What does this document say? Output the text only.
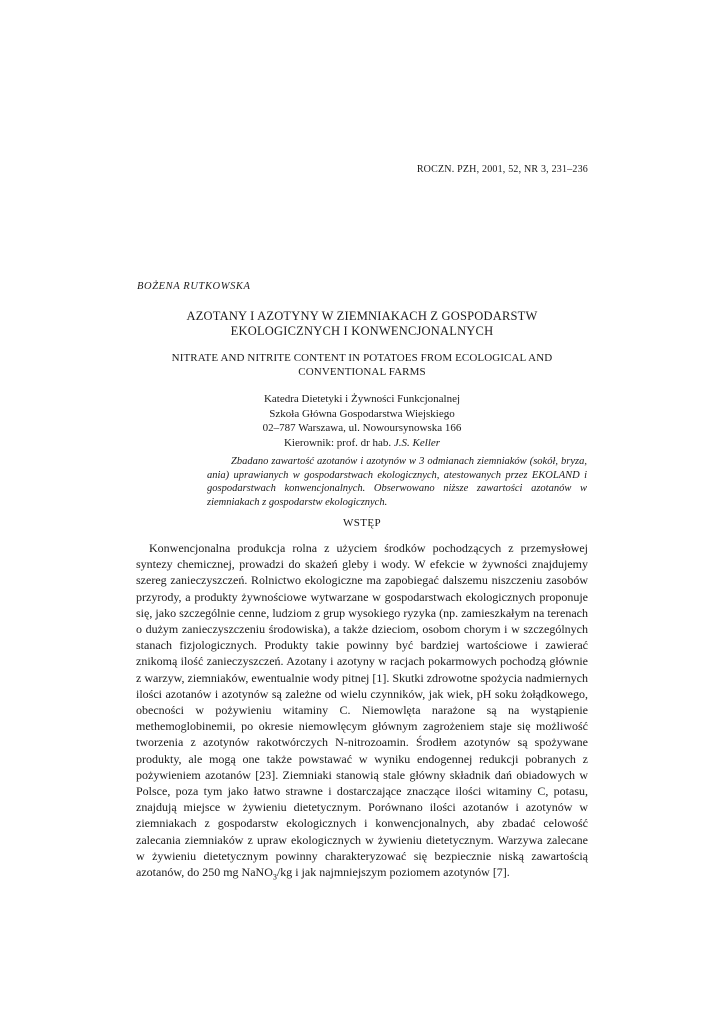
ROCZN. PZH, 2001, 52, NR 3, 231–236
BOŻENA RUTKOWSKA
AZOTANY I AZOTYNY W ZIEMNIAKACH Z GOSPODARSTW EKOLOGICZNYCH I KONWENCJONALNYCH
NITRATE AND NITRITE CONTENT IN POTATOES FROM ECOLOGICAL AND CONVENTIONAL FARMS
Katedra Dietetyki i Żywności Funkcjonalnej
Szkoła Główna Gospodarstwa Wiejskiego
02–787 Warszawa, ul. Nowoursynowska 166
Kierownik: prof. dr hab. J.S. Keller
Zbadano zawartość azotanów i azotynów w 3 odmianach ziemniaków (sokół, bryza, ania) uprawianych w gospodarstwach ekologicznych, atestowanych przez EKOLAND i gospodarstwach konwencjonalnych. Obserwowano niższe zawartości azotanów w ziemniakach z gospodarstw ekologicznych.
WSTĘP
Konwencjonalna produkcja rolna z użyciem środków pochodzących z przemysłowej syntezy chemicznej, prowadzi do skażeń gleby i wody. W efekcie w żywności znajdujemy szereg zanieczyszczeń. Rolnictwo ekologiczne ma zapobiegać dalszemu niszczeniu zasobów przyrody, a produkty żywnościowe wytwarzane w gospodarstwach ekologicznych proponuje się, jako szczególnie cenne, ludziom z grup wysokiego ryzyka (np. zamieszkałym na terenach o dużym zanieczyszczeniu środowiska), a także dzieciom, osobom chorym i w szczególnych stanach fizjologicznych. Produkty takie powinny być bardziej wartościowe i zawierać znikomą ilość zanieczyszczeń. Azotany i azotyny w racjach pokarmowych pochodzą głównie z warzyw, ziemniaków, ewentualnie wody pitnej [1]. Skutki zdrowotne spożycia nadmiernych ilości azotanów i azotynów są zależne od wielu czynników, jak wiek, pH soku żołądkowego, obecności w pożywieniu witaminy C. Niemowlęta narażone są na wystąpienie methemoglobinemii, po okresie niemowlęcym głównym zagrożeniem staje się możliwość tworzenia z azotynów rakotwórczych N-nitrozoamin. Środłem azotynów są spożywane produkty, ale mogą one także powstawać w wyniku endogennej redukcji pobranych z pożywieniem azotanów [23]. Ziemniaki stanowią stale główny składnik dań obiadowych w Polsce, poza tym jako łatwo strawne i dostarczające znaczące ilości witaminy C, potasu, znajdują miejsce w żywieniu dietetycznym. Porównano ilości azotanów i azotynów w ziemniakach z gospodarstw ekologicznych i konwencjonalnych, aby zbadać celowość zalecania ziemniaków z upraw ekologicznych w żywieniu dietetycznym. Warzywa zalecane w żywieniu dietetycznym powinny charakteryzować się bezpiecznie niską zawartością azotanów, do 250 mg NaNO$_3$/kg i jak najmniejszym poziomem azotynów [7].
